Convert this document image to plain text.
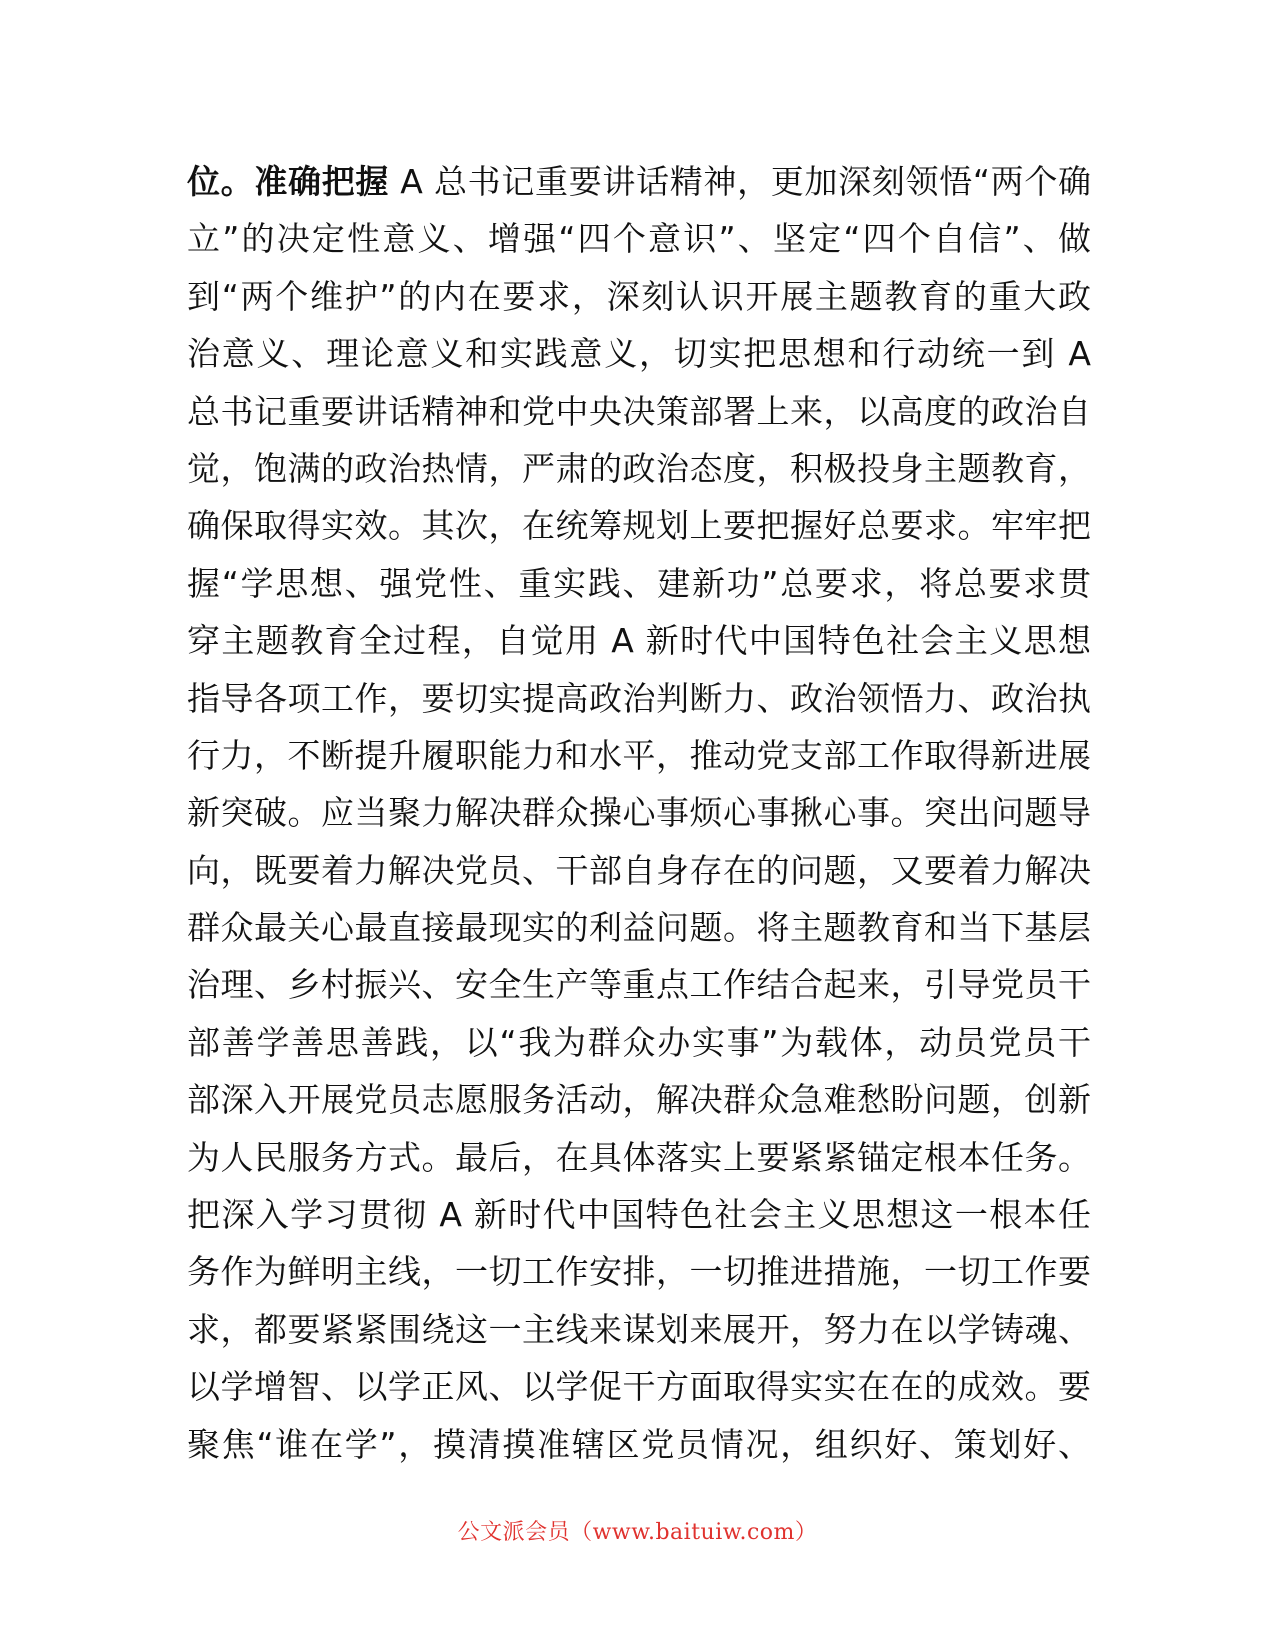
位。准确把握 A 总书记重要讲话精神，更加深刻领悟“两个确
立”的决定性意义、增强“四个意识”、坚定“四个自信”、做
到“两个维护”的内在要求，深刻认识开展主题教育的重大政
治意义、理论意义和实践意义，切实把思想和行动统一到 A
总书记重要讲话精神和党中央决策部署上来，以高度的政治自
觉，饱满的政治热情，严肃的政治态度，积极投身主题教育，
确保取得实效。其次，在统筹规划上要把握好总要求。牢牢把
握“学思想、强党性、重实践、建新功”总要求，将总要求贯
穿主题教育全过程，自觉用 A 新时代中国特色社会主义思想
指导各项工作，要切实提高政治判断力、政治领悟力、政治执
行力，不断提升履职能力和水平，推动党支部工作取得新进展
新突破。应当聚力解决群众操心事烦心事揪心事。突出问题导
向，既要着力解决党员、干部自身存在的问题，又要着力解决
群众最关心最直接最现实的利益问题。将主题教育和当下基层
治理、乡村振兴、安全生产等重点工作结合起来，引导党员干
部善学善思善践，以“我为群众办实事”为载体，动员党员干
部深入开展党员志愿服务活动，解决群众急难愁盼问题，创新
为人民服务方式。最后，在具体落实上要紧紧锚定根本任务。
把深入学习贯彻 A 新时代中国特色社会主义思想这一根本任
务作为鲜明主线，一切工作安排，一切推进措施，一切工作要
求，都要紧紧围绕这一主线来谋划来展开，努力在以学铸魂、
以学增智、以学正风、以学促干方面取得实实在在的成效。要
聚焦“谁在学”，摸清摸准辖区党员情况，组织好、策划好、
公文派会员（www.baituiw.com）
